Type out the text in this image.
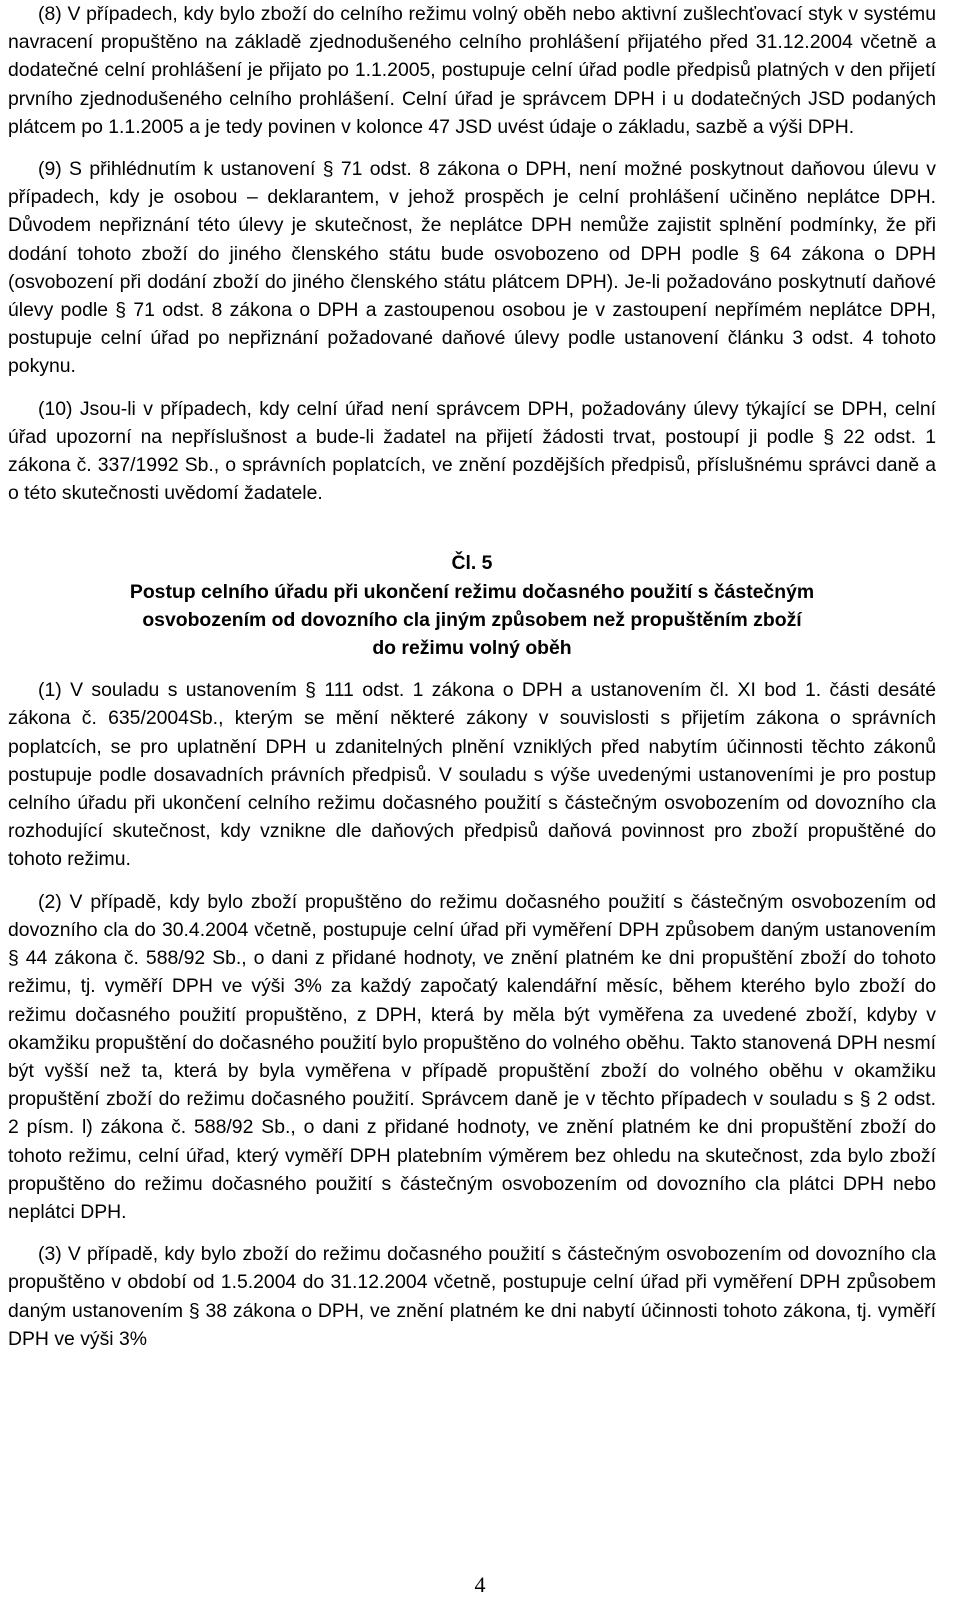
(8) V případech, kdy bylo zboží do celního režimu volný oběh nebo aktivní zušlechťovací styk v systému navracení propuštěno na základě zjednodušeného celního prohlášení přijatého před 31.12.2004 včetně a dodatečné celní prohlášení je přijato po 1.1.2005, postupuje celní úřad podle předpisů platných v den přijetí prvního zjednodušeného celního prohlášení. Celní úřad je správcem DPH i u dodatečných JSD podaných plátcem po 1.1.2005 a je tedy povinen v kolonce 47 JSD uvést údaje o základu, sazbě a výši DPH.

(9) S přihlédnutím k ustanovení § 71 odst. 8 zákona o DPH, není možné poskytnout daňovou úlevu v případech, kdy je osobou – deklarantem, v jehož prospěch je celní prohlášení učiněno neplátce DPH. Důvodem nepřiznání této úlevy je skutečnost, že neplátce DPH nemůže zajistit splnění podmínky, že při dodání tohoto zboží do jiného členského státu bude osvobozeno od DPH podle § 64 zákona o DPH (osvobození při dodání zboží do jiného členského státu plátcem DPH). Je-li požadováno poskytnutí daňové úlevy podle § 71 odst. 8 zákona o DPH a zastoupenou osobou je v zastoupení nepřímém neplátce DPH, postupuje celní úřad po nepřiznání požadované daňové úlevy podle ustanovení článku 3 odst. 4 tohoto pokynu.

(10) Jsou-li v případech, kdy celní úřad není správcem DPH, požadovány úlevy týkající se DPH, celní úřad upozorní na nepříslušnost a bude-li žadatel na přijetí žádosti trvat, postoupí ji podle § 22 odst. 1 zákona č. 337/1992 Sb., o správních poplatcích, ve znění pozdějších předpisů, příslušnému správci daně a o této skutečnosti uvědomí žadatele.

Čl. 5

Postup celního úřadu při ukončení režimu dočasného použití s částečným
osvobozením od dovozního cla jiným způsobem než propuštěním zboží
do režimu volný oběh

(1) V souladu s ustanovením § 111 odst. 1 zákona o DPH a ustanovením čl. XI bod 1. části desáté zákona č. 635/2004Sb., kterým se mění některé zákony v souvislosti s přijetím zákona o správních poplatcích, se pro uplatnění DPH u zdanitelných plnění vzniklých před nabytím účinnosti těchto zákonů postupuje podle dosavadních právních předpisů. V souladu s výše uvedenými ustanoveními je pro postup celního úřadu při ukončení celního režimu dočasného použití s částečným osvobozením od dovozního cla rozhodující skutečnost, kdy vznikne dle daňových předpisů daňová povinnost pro zboží propuštěné do tohoto režimu.

(2) V případě, kdy bylo zboží propuštěno do režimu dočasného použití s částečným osvobozením od dovozního cla do 30.4.2004 včetně, postupuje celní úřad při vyměření DPH způsobem daným ustanovením § 44 zákona č. 588/92 Sb., o dani z přidané hodnoty, ve znění platném ke dni propuštění zboží do tohoto režimu, tj. vyměří DPH ve výši 3% za každý započatý kalendářní měsíc, během kterého bylo zboží do režimu dočasného použití propuštěno, z DPH, která by měla být vyměřena za uvedené zboží, kdyby v okamžiku propuštění do dočasného použití bylo propuštěno do volného oběhu. Takto stanovená DPH nesmí být vyšší než ta, která by byla vyměřena v případě propuštění zboží do volného oběhu v okamžiku propuštění zboží do režimu dočasného použití. Správcem daně je v těchto případech v souladu s § 2 odst. 2 písm. l) zákona č. 588/92 Sb., o dani z přidané hodnoty, ve znění platném ke dni propuštění zboží do tohoto režimu, celní úřad, který vyměří DPH platebním výměrem bez ohledu na skutečnost, zda bylo zboží propuštěno do režimu dočasného použití s částečným osvobozením od dovozního cla plátci DPH nebo neplátci DPH.

(3) V případě, kdy bylo zboží do režimu dočasného použití s částečným osvobozením od dovozního cla propuštěno v období od 1.5.2004 do 31.12.2004 včetně, postupuje celní úřad při vyměření DPH způsobem daným ustanovením § 38 zákona o DPH, ve znění platném ke dni nabytí účinnosti tohoto zákona, tj. vyměří DPH ve výši 3%

4
